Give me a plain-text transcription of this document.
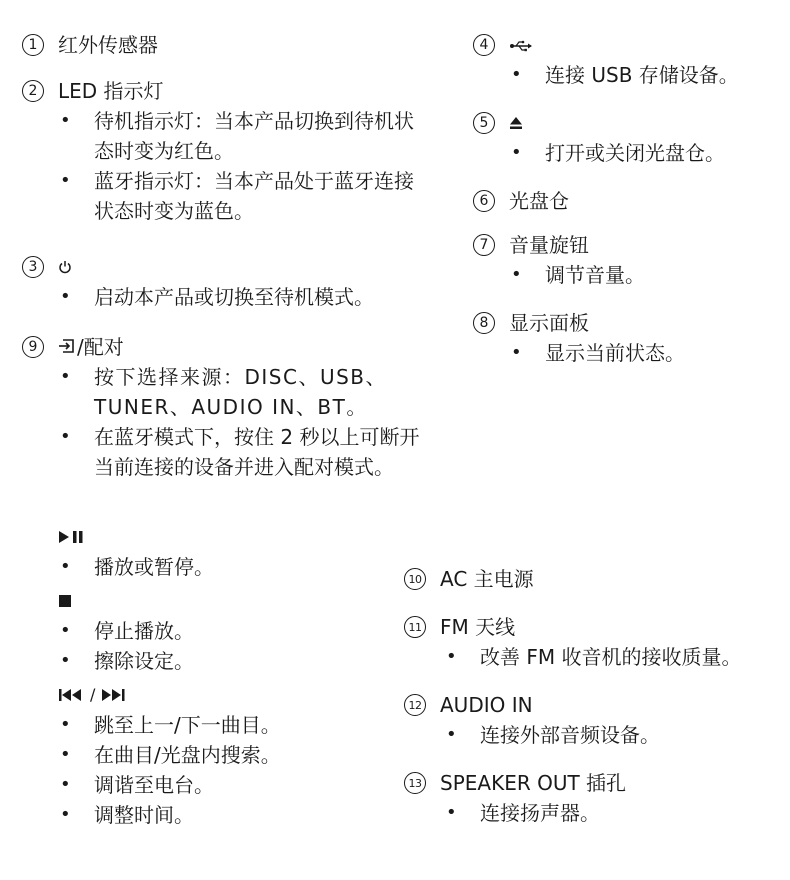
1	红外传感器
2	LED 指示灯
• 待机指示灯：当本产品切换到待机状态时变为红色。
• 蓝牙指示灯：当本产品处于蓝牙连接状态时变为蓝色。
3
• 启动本产品或切换至待机模式。
9	/配对
• 按下选择来源：DISC、USB、TUNER、AUDIO IN、BT。
• 在蓝牙模式下，按住 2 秒以上可断开当前连接的设备并进入配对模式。
• 播放或暂停。
• 停止播放。
• 擦除设定。
/
• 跳至上一/下一曲目。
• 在曲目/光盘内搜索。
• 调谐至电台。
• 调整时间。
4
• 连接 USB 存储设备。
5
• 打开或关闭光盘仓。
6	光盘仓
7	音量旋钮
• 调节音量。
8	显示面板
• 显示当前状态。
10 AC 主电源
11 FM 天线
• 改善 FM 收音机的接收质量。
12 AUDIO IN
• 连接外部音频设备。
13 SPEAKER OUT 插孔
• 连接扬声器。
